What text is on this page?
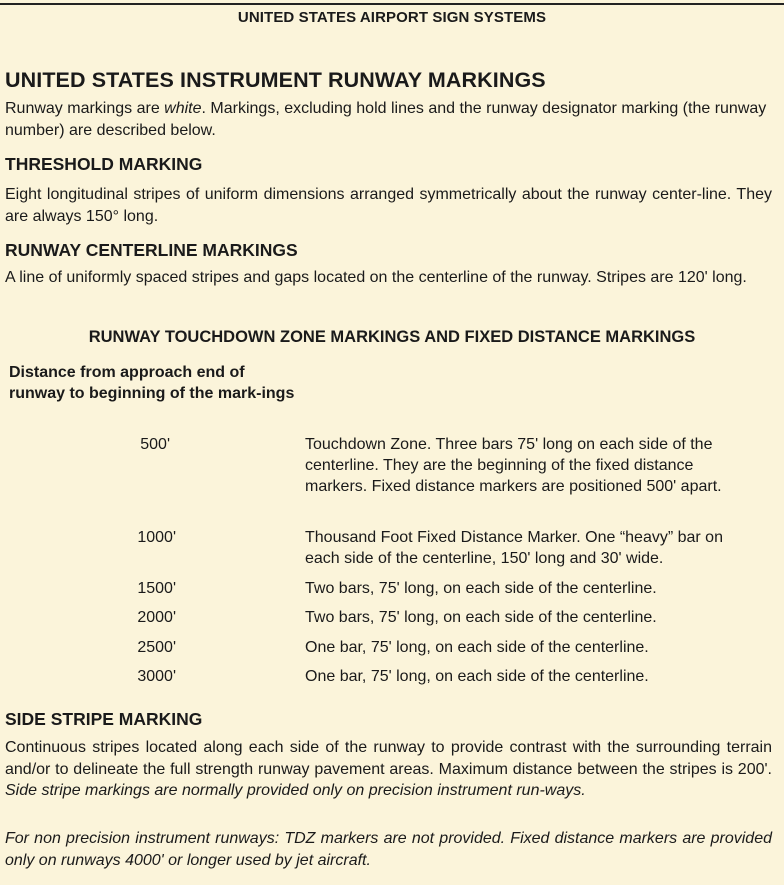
UNITED STATES AIRPORT SIGN SYSTEMS
UNITED STATES INSTRUMENT RUNWAY MARKINGS

Runway markings are white. Markings, excluding hold lines and the runway designator marking (the runway number) are described below.

THRESHOLD MARKING

Eight longitudinal stripes of uniform dimensions arranged symmetrically about the runway center-line. They are always 150° long.

RUNWAY CENTERLINE MARKINGS

A line of uniformly spaced stripes and gaps located on the centerline of the runway. Stripes are 120' long.

RUNWAY TOUCHDOWN ZONE MARKINGS AND FIXED DISTANCE MARKINGS
Distance from approach end of runway to beginning of the mark-ings
500'	Touchdown Zone. Three bars 75' long on each side of the centerline. They are the beginning of the fixed distance markers. Fixed distance markers are positioned 500' apart.
1000'	Thousand Foot Fixed Distance Marker. One “heavy” bar on each side of the centerline, 150' long and 30' wide.
1500'	Two bars, 75' long, on each side of the centerline.
2000'	Two bars, 75' long, on each side of the centerline.
2500'	One bar, 75' long, on each side of the centerline.
3000'	One bar, 75' long, on each side of the centerline.
SIDE STRIPE MARKING

Continuous stripes located along each side of the runway to provide contrast with the surrounding terrain and/or to delineate the full strength runway pavement areas. Maximum distance between the stripes is 200'. Side stripe markings are normally provided only on precision instrument run-ways.

For non precision instrument runways: TDZ markers are not provided. Fixed distance markers are provided only on runways 4000' or longer used by jet aircraft.
